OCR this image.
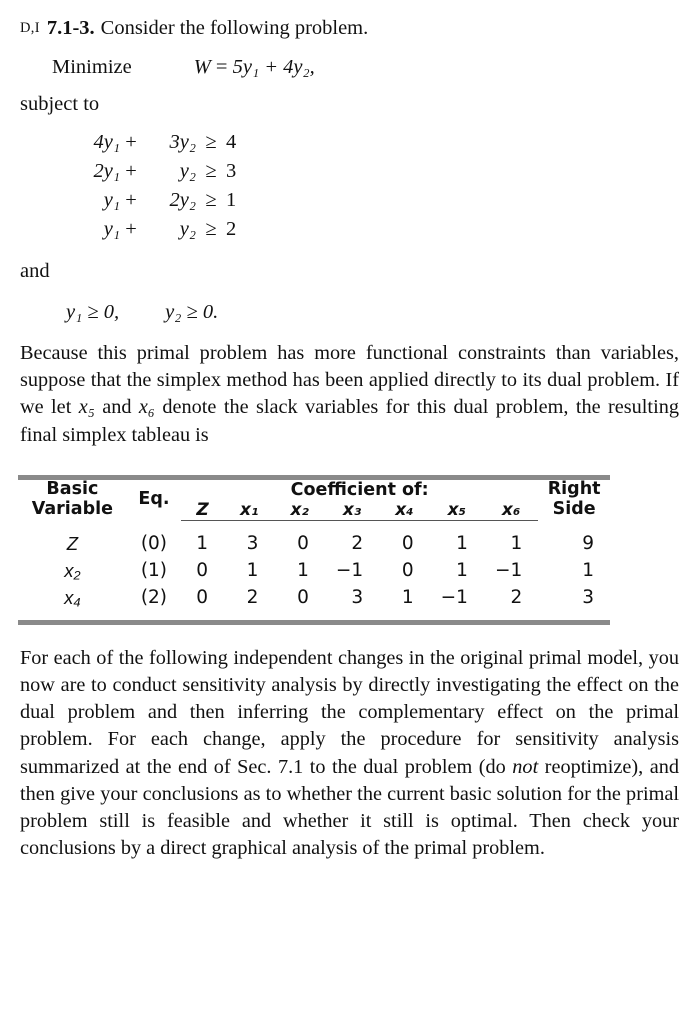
D,I 7.1-3. Consider the following problem.
Minimize	W = 5y₁ + 4y₂,
subject to
4y₁ + 3y₂ ≥ 4
2y₁ + y₂ ≥ 3
y₁ + 2y₂ ≥ 1
y₁ + y₂ ≥ 2
and
y₁ ≥ 0, y₂ ≥ 0.

Because this primal problem has more functional constraints than variables, suppose that the simplex method has been applied directly to its dual problem. If we let x₅ and x₆ denote the slack variables for this dual problem, the resulting final simplex tableau is

Basic
Variable	Eq.	Coefficient of:	Right
Side

		Z	x₁	x₂	x₃	x₄	x₅	x₆	
Z	(0)	1	3	0	2	0	1	1	9
x₂	(1)	0	1	1	−1	0	1	−1	1
x₄	(2)	0	2	0	3	1	−1	2	3

For each of the following independent changes in the original primal model, you now are to conduct sensitivity analysis by directly investigating the effect on the dual problem and then inferring the complementary effect on the primal problem. For each change, apply the procedure for sensitivity analysis summarized at the end of Sec. 7.1 to the dual problem (do not reoptimize), and then give your conclusions as to whether the current basic solution for the primal problem still is feasible and whether it still is optimal. Then check your conclusions by a direct graphical analysis of the primal problem.
